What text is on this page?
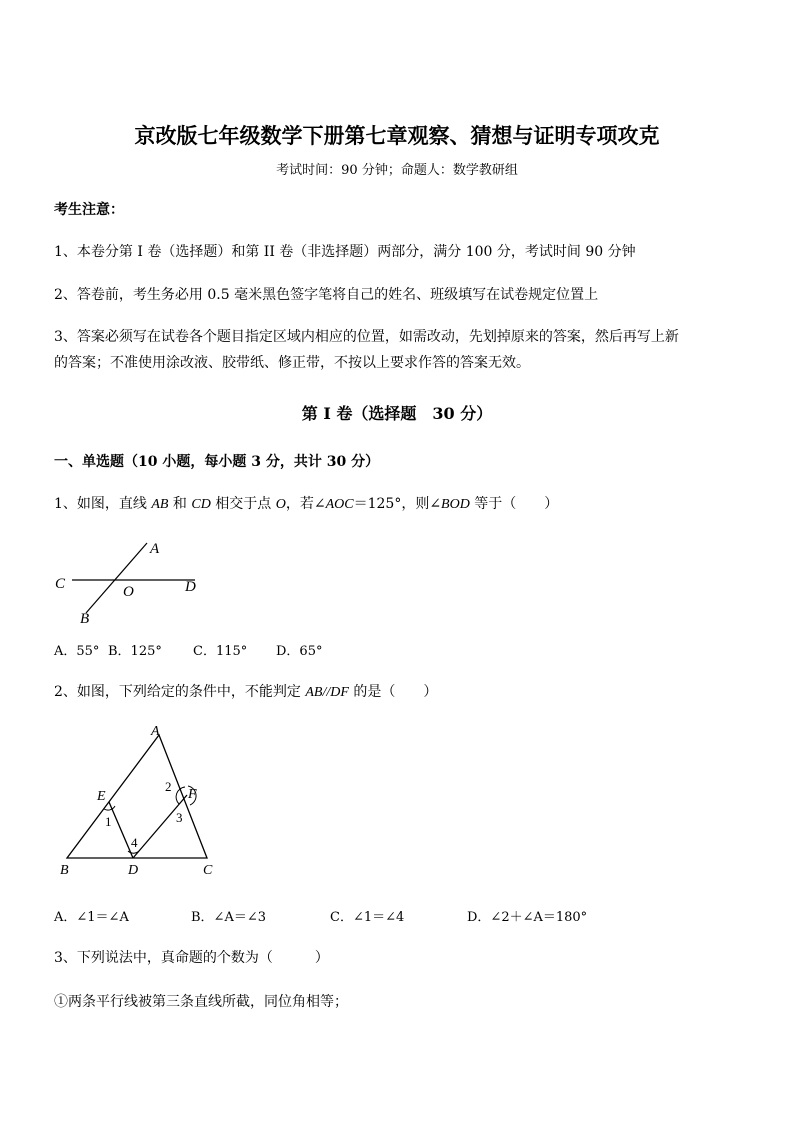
京改版七年级数学下册第七章观察、猜想与证明专项攻克
考试时间：90 分钟；命题人：数学教研组
考生注意：
1、本卷分第 I 卷（选择题）和第 II 卷（非选择题）两部分，满分 100 分，考试时间 90 分钟
2、答卷前，考生务必用 0.5 毫米黑色签字笔将自己的姓名、班级填写在试卷规定位置上
3、答案必须写在试卷各个题目指定区域内相应的位置，如需改动，先划掉原来的答案，然后再写上新
的答案；不准使用涂改液、胶带纸、修正带，不按以上要求作答的答案无效。
第 I 卷（选择题　30 分）
一、单选题（10 小题，每小题 3 分，共计 30 分）
1、如图，直线 AB 和 CD 相交于点 O，若∠AOC＝125°，则∠BOD 等于（　　）
A
C	D
O
B
A．55° B．125° C．115° D．65°
2、如图，下列给定的条件中，不能判定 AB//DF 的是（　　）
A
E	F
B	D	C
1
2
3
4
A．∠1＝∠A	B．∠A＝∠3	C．∠1＝∠4	D．∠2＋∠A＝180°
3、下列说法中，真命题的个数为（　　　）
①两条平行线被第三条直线所截，同位角相等；
